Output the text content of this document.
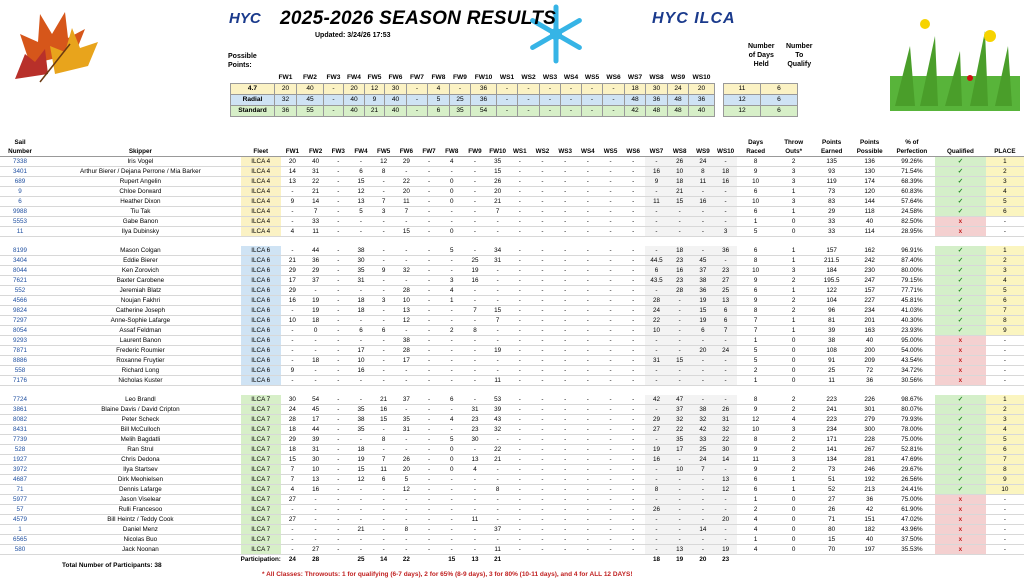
HYC 2025-2026 SEASON RESULTS
Updated: 3/24/26 17:53
HYC ILCA
Possible
Points:
Number
of Days
Held
Number
To
Qualify
	FW1	FW2	FW3	FW4	FW5	FW6	FW7	FW8	FW9	FW10	WS1	WS2	WS3	WS4	WS5	WS6	WS7	WS8	WS9	WS10			
4.7	20	40	-	20	12	30	-	4	-	36	-	-	-	-	-	-	18	30	24	20		11	6
Radial	32	45	-	40	9	40	-	5	25	36	-	-	-	-	-	-	48	36	48	36		12	6
Standard	36	55	-	40	21	40	-	6	35	54	-	-	-	-	-	-	42	48	48	40		12	6
Sail
Number	Skipper	Fleet	FW1	FW2	FW3	FW4	FW5	FW6	FW7	FW8	FW9	FW10	WS1	WS2	WS3	WS4	WS5	WS6	WS7	WS8	WS9	WS10	Days
Raced	Throw
Outs*	Points
Earned	Points
Possible	% of
Perfection	Qualified	PLACE
7338	Iris Vogel	ILCA 4	20	40	-	-	12	29	-	4	-	35	-	-	-	-	-	-	-	26	24	-	8	2	135	136	99.26%	✓	1
3401	Arthur Bierer / Dejana Perrone / Mia Barker	ILCA 4	14	31	-	6	8	-	-	-	-	15	-	-	-	-	-	-	16	10	8	18	9	3	93	130	71.54%	✓	2
689	Rupert Angelin	ILCA 4	13	22	-	15	-	22	-	0	-	26	-	-	-	-	-	-	9	18	11	16	10	3	119	174	68.39%	✓	3
9	Chloe Dorward	ILCA 4	-	21	-	12	-	20	-	0	-	20	-	-	-	-	-	-	-	21	-	-	6	1	73	120	60.83%	✓	4
6	Heather Dixon	ILCA 4	9	14	-	13	7	11	-	0	-	21	-	-	-	-	-	-	11	15	16	-	10	3	83	144	57.64%	✓	5
9988	Tiu Tak	ILCA 4	-	7	-	5	3	7	-	-	-	7	-	-	-	-	-	-	-	-	-	-	6	1	29	118	24.58%	✓	6
5553	Gabe Banon	ILCA 4	-	33	-	-	-	-	-	-	-	-	-	-	-	-	-	-	-	-	-	-	1	0	33	40	82.50%	x	-
11	Ilya Dubinsky	ILCA 4	4	11	-	-	-	15	-	0	-	-	-	-	-	-	-	-	-	-	-	3	5	0	33	114	28.95%	x	-

8199	Mason Colgan	ILCA 6	-	44	-	38	-	-	-	5	-	34	-	-	-	-	-	-	-	18	-	36	6	1	157	162	96.91%	✓	1
3404	Eddie Bierer	ILCA 6	21	36	-	30	-	-	-	-	25	31	-	-	-	-	-	-	44.5	23	45	-	8	1	211.5	242	87.40%	✓	2
8044	Ken Zorovich	ILCA 6	29	29	-	35	9	32	-	-	19	-	-	-	-	-	-	-	6	16	37	23	10	3	184	230	80.00%	✓	3
7621	Baxter Carobene	ILCA 6	17	37	-	31	-	-	-	3	16	-	-	-	-	-	-	-	43.5	23	38	27	9	2	195.5	247	79.15%	✓	4
552	Jeremiah Blatz	ILCA 6	29	-	-	-	-	28	-	4	-	-	-	-	-	-	-	-	-	28	36	25	6	1	122	157	77.71%	✓	5
4566	Noujan Fakhri	ILCA 6	16	19	-	18	3	10	-	1	-	-	-	-	-	-	-	-	28	-	19	13	9	2	104	227	45.81%	✓	6
9824	Catherine Joseph	ILCA 6	-	19	-	18	-	13	-	-	7	15	-	-	-	-	-	-	24	-	15	6	8	2	96	234	41.03%	✓	7
7297	Anne-Sophie Lafarge	ILCA 6	10	18	-	-	-	12	-	-	-	7	-	-	-	-	-	-	22	-	19	6	7	1	81	201	40.30%	✓	8
8054	Assaf Feldman	ILCA 6	-	0	-	6	6	-	-	2	8	-	-	-	-	-	-	-	10	-	6	7	7	1	39	163	23.93%	✓	9
9293	Laurent Banon	ILCA 6	-	-	-	-	-	38	-	-	-	-	-	-	-	-	-	-	-	-	-	-	1	0	38	40	95.00%	x	-
7871	Frederic Roumier	ILCA 6	-	-	-	17	-	28	-	-	-	19	-	-	-	-	-	-	-	-	20	24	5	0	108	200	54.00%	x	-
8886	Roxanne Fruytier	ILCA 6	-	18	-	10	-	17	-	-	-	-	-	-	-	-	-	-	31	15	-	-	5	0	91	209	43.54%	x	-
558	Richard Long	ILCA 6	9	-	-	16	-	-	-	-	-	-	-	-	-	-	-	-	-	-	-	-	2	0	25	72	34.72%	x	-
7176	Nicholas Kuster	ILCA 6	-	-	-	-	-	-	-	-	-	11	-	-	-	-	-	-	-	-	-	-	1	0	11	36	30.56%	x	-

7724	Leo Brandl	ILCA 7	30	54	-	-	21	37	-	6	-	53	-	-	-	-	-	-	42	47	-	-	8	2	223	226	98.67%	✓	1
3861	Blaine Davis / David Cripton	ILCA 7	24	45	-	35	16	-	-	-	31	39	-	-	-	-	-	-	-	37	38	26	9	2	241	301	80.07%	✓	2
8082	Peter Scheck	ILCA 7	28	17	-	38	15	35	-	4	23	43	-	-	-	-	-	-	29	32	32	31	12	4	223	279	79.93%	✓	3
8431	Bill McCulloch	ILCA 7	18	44	-	35	-	31	-	-	23	32	-	-	-	-	-	-	27	22	42	32	10	3	234	300	78.00%	✓	4
7739	Melih Bagdatli	ILCA 7	29	39	-	-	8	-	-	5	30	-	-	-	-	-	-	-	-	35	33	22	8	2	171	228	75.00%	✓	5
528	Ran Strul	ILCA 7	18	31	-	18	-	-	-	0	-	22	-	-	-	-	-	-	19	17	25	30	9	2	141	267	52.81%	✓	6
1927	Chris Dedona	ILCA 7	15	30	-	19	7	26	-	0	13	21	-	-	-	-	-	-	16	-	24	14	11	3	134	281	47.69%	✓	7
3972	Ilya Startsev	ILCA 7	7	10	-	15	11	20	-	0	4	-	-	-	-	-	-	-	-	10	7	-	9	2	73	246	29.67%	✓	8
4687	Dirk Meohielsen	ILCA 7	7	13	-	12	6	5	-	-	-	-	-	-	-	-	-	-	-	-	-	13	6	1	51	192	26.56%	✓	9
71	Dennis Lafarge	ILCA 7	4	16	-	-	-	12	-	-	-	8	-	-	-	-	-	-	8	-	-	12	6	1	52	213	24.41%	✓	10
5977	Jason Viselear	ILCA 7	27	-	-	-	-	-	-	-	-	-	-	-	-	-	-	-	-	-	-	-	1	0	27	36	75.00%	x	-
57	Rulli Francesoo	ILCA 7	-	-	-	-	-	-	-	-	-	-	-	-	-	-	-	-	26	-	-	-	2	0	26	42	61.90%	x	-
4579	Bill Heintz / Teddy Cook	ILCA 7	27	-	-	-	-	-	-	-	11	-	-	-	-	-	-	-	-	-	-	20	4	0	71	151	47.02%	x	-
1	Daniel Menz	ILCA 7	-	-	-	21	-	8	-	-	-	37	-	-	-	-	-	-	-	-	14	-	4	0	80	182	43.96%	x	-
6565	Nicolas Buo	ILCA 7	-	-	-	-	-	-	-	-	-	-	-	-	-	-	-	-	-	-	-	-	1	0	15	40	37.50%	x	-
580	Jack Noonan	ILCA 7	-	27	-	-	-	-	-	-	-	11	-	-	-	-	-	-	-	13	-	19	4	0	70	197	35.53%	x	-
		Participation:	24	28		25	14	22		15	13	21							18	19	20	23							
Total Number of Participants: 38
* All Classes: Throwouts: 1 for qualifying (6-7 days), 2 for 65% (8-9 days), 3 for 80% (10-11 days), and 4 for ALL 12 DAYS!
